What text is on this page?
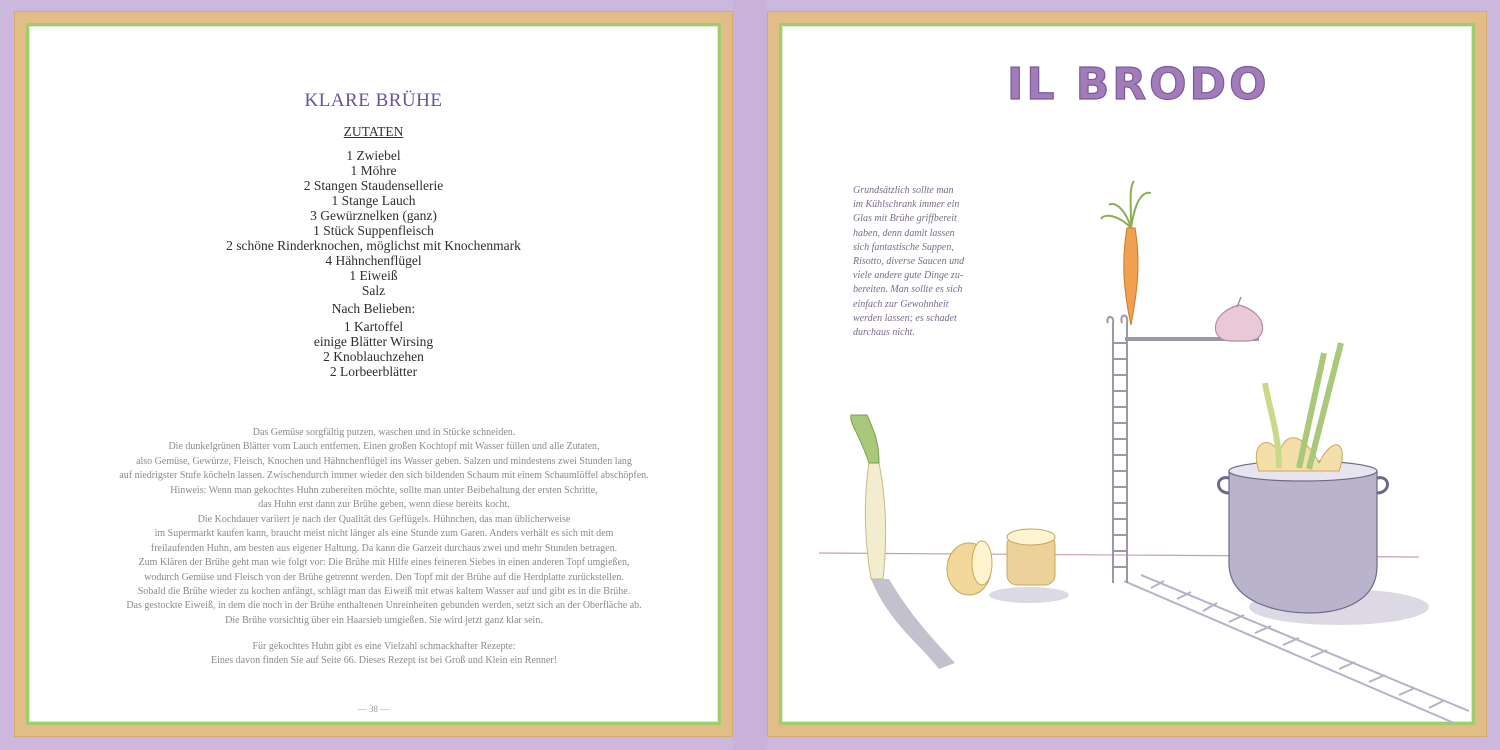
KLARE BRÜHE
ZUTATEN
1 Zwiebel
1 Möhre
2 Stangen Staudensellerie
1 Stange Lauch
3 Gewürznelken (ganz)
1 Stück Suppenfleisch
2 schöne Rinderknochen, möglichst mit Knochenmark
4 Hähnchenflügel
1 Eiweiß
Salz
Nach Belieben:
1 Kartoffel
einige Blätter Wirsing
2 Knoblauchzehen
2 Lorbeerblätter

Das Gemüse sorgfältig putzen, waschen und in Stücke schneiden.
Die dunkelgrünen Blätter vom Lauch entfernen. Einen großen Kochtopf mit Wasser füllen und alle Zutaten,
also Gemüse, Gewürze, Fleisch, Knochen und Hähnchenflügel ins Wasser geben. Salzen und mindestens zwei Stunden lang
auf niedrigster Stufe köcheln lassen. Zwischendurch immer wieder den sich bildenden Schaum mit einem Schaumlöffel abschöpfen.
Hinweis: Wenn man gekochtes Huhn zubereiten möchte, sollte man unter Beibehaltung der ersten Schritte,
das Huhn erst dann zur Brühe geben, wenn diese bereits kocht.

Die Kochdauer variiert je nach der Qualität des Geflügels. Hühnchen, das man üblicherweise
im Supermarkt kaufen kann, braucht meist nicht länger als eine Stunde zum Garen. Anders verhält es sich mit dem
freilaufenden Huhn, am besten aus eigener Haltung. Da kann die Garzeit durchaus zwei und mehr Stunden betragen.
Zum Klären der Brühe geht man wie folgt vor: Die Brühe mit Hilfe eines feineren Siebes in einen anderen Topf umgießen,
wodurch Gemüse und Fleisch von der Brühe getrennt werden. Den Topf mit der Brühe auf die Herdplatte zurückstellen.
Sobald die Brühe wieder zu kochen anfängt, schlägt man das Eiweiß mit etwas kaltem Wasser auf und gibt es in die Brühe.
Das gestockte Eiweiß, in dem die noch in der Brühe enthaltenen Unreinheiten gebunden werden, setzt sich an der Oberfläche ab.
Die Brühe vorsichtig über ein Haarsieb umgießen. Sie wird jetzt ganz klar sein.

Für gekochtes Huhn gibt es eine Vielzahl schmackhafter Rezepte:
Eines davon finden Sie auf Seite 66. Dieses Rezept ist bei Groß und Klein ein Renner!

— 38 —
IL BRODO
Grundsätzlich sollte man
im Kühlschrank immer ein
Glas mit Brühe griffbereit
haben, denn damit lassen
sich fantastische Suppen,
Risotto, diverse Saucen und
viele andere gute Dinge zu-
bereiten. Man sollte es sich
einfach zur Gewohnheit
werden lassen; es schadet
durchaus nicht.
